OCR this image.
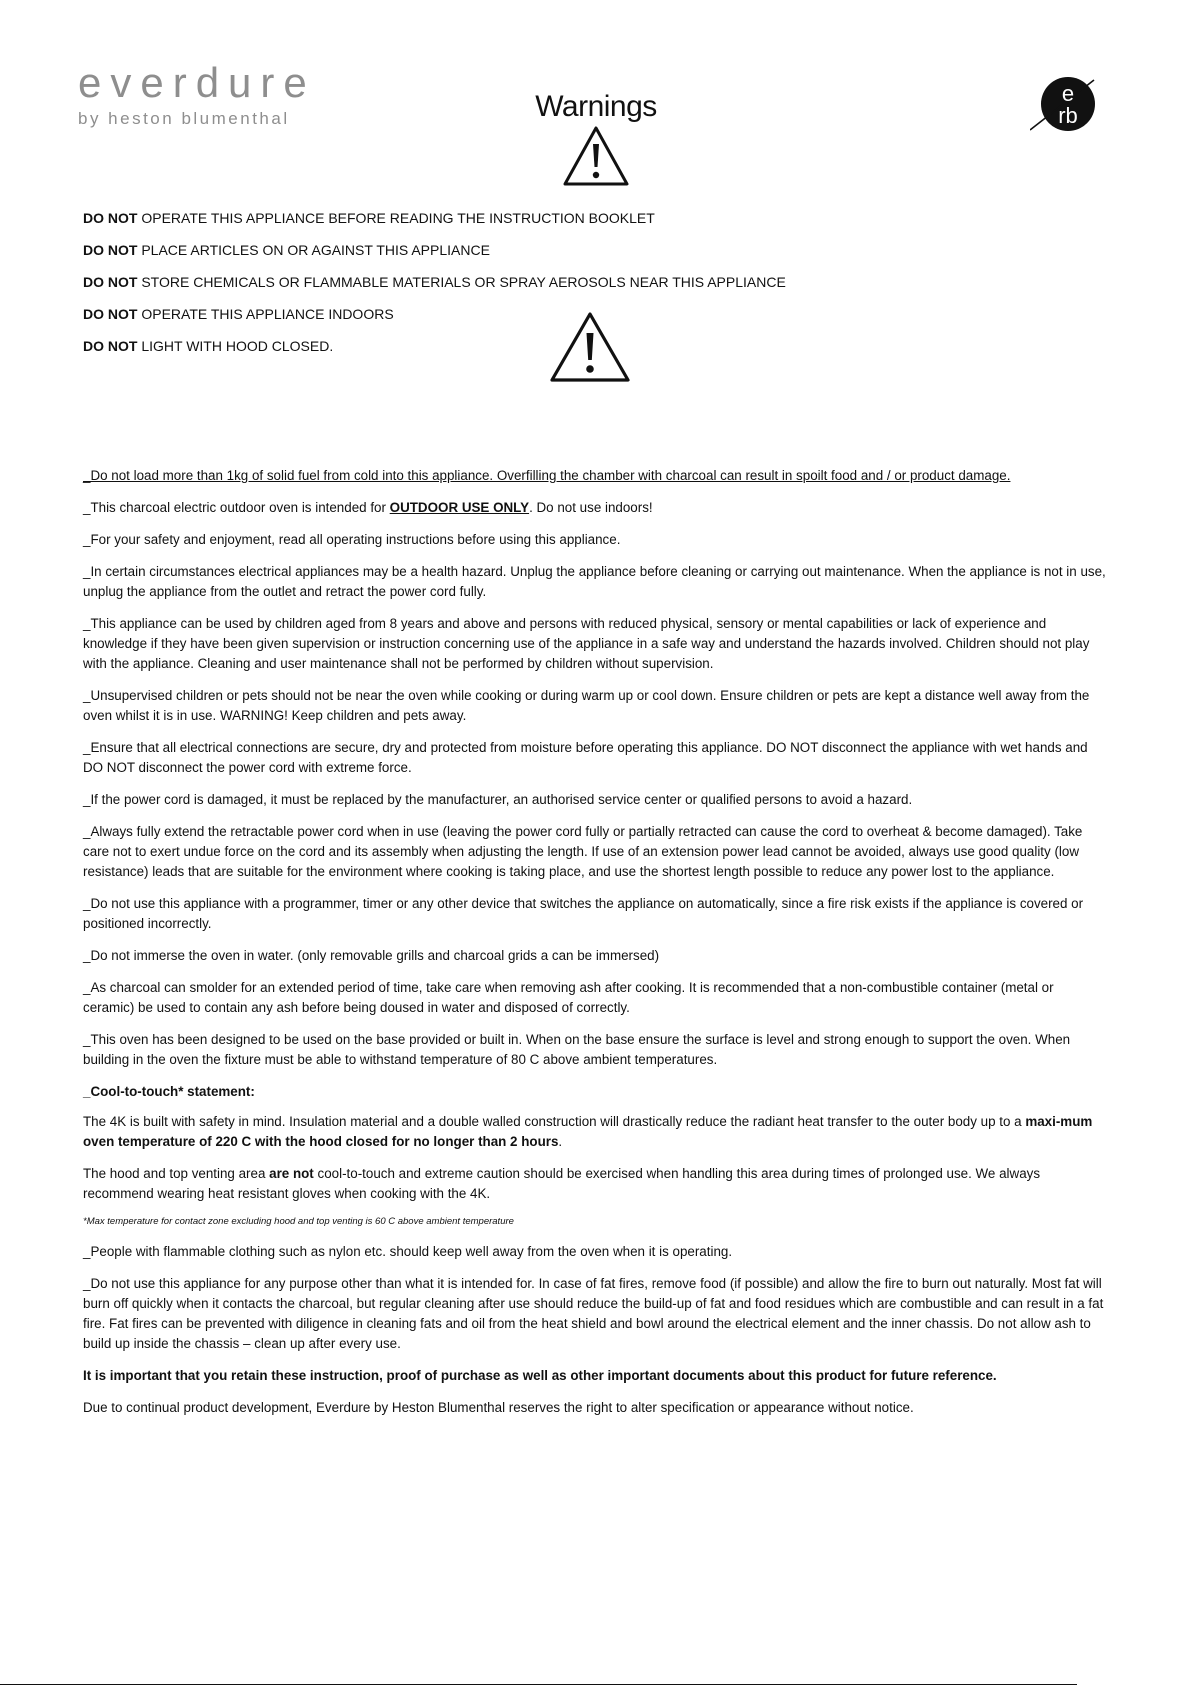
everdure
by heston blumenthal	Warnings	e
rb
DO NOT OPERATE THIS APPLIANCE BEFORE READING THE INSTRUCTION BOOKLET
DO NOT PLACE ARTICLES ON OR AGAINST THIS APPLIANCE
DO NOT STORE CHEMICALS OR FLAMMABLE MATERIALS OR SPRAY AEROSOLS NEAR THIS APPLIANCE
DO NOT OPERATE THIS APPLIANCE INDOORS
DO NOT LIGHT WITH HOOD CLOSED.

_Do not load more than 1kg of solid fuel from cold into this appliance. Overfilling the chamber with charcoal can result in spoilt food and / or product damage.

_This charcoal electric outdoor oven is intended for OUTDOOR USE ONLY. Do not use indoors!

_For your safety and enjoyment, read all operating instructions before using this appliance.

_In certain circumstances electrical appliances may be a health hazard. Unplug the appliance before cleaning or carrying out maintenance. When the appliance is not in use, unplug the appliance from the outlet and retract the power cord fully.

_This appliance can be used by children aged from 8 years and above and persons with reduced physical, sensory or mental capabilities or lack of experience and knowledge if they have been given supervision or instruction concerning use of the appliance in a safe way and understand the hazards involved. Children should not play with the appliance. Cleaning and user maintenance shall not be performed by children without supervision.

_Unsupervised children or pets should not be near the oven while cooking or during warm up or cool down. Ensure children or pets are kept a distance well away from the oven whilst it is in use. WARNING! Keep children and pets away.

_Ensure that all electrical connections are secure, dry and protected from moisture before operating this appliance. DO NOT disconnect the appliance with wet hands and DO NOT disconnect the power cord with extreme force.

_If the power cord is damaged, it must be replaced by the manufacturer, an authorised service center or qualified persons to avoid a hazard.

_Always fully extend the retractable power cord when in use (leaving the power cord fully or partially retracted can cause the cord to overheat & become damaged). Take care not to exert undue force on the cord and its assembly when adjusting the length. If use of an extension power lead cannot be avoided, always use good quality (low resistance) leads that are suitable for the environment where cooking is taking place, and use the shortest length possible to reduce any power lost to the appliance.

_Do not use this appliance with a programmer, timer or any other device that switches the appliance on automatically, since a fire risk exists if the appliance is covered or positioned incorrectly.

_Do not immerse the oven in water. (only removable grills and charcoal grids a can be immersed)

_As charcoal can smolder for an extended period of time, take care when removing ash after cooking. It is recommended that a non-combustible container (metal or ceramic) be used to contain any ash before being doused in water and disposed of correctly.

_This oven has been designed to be used on the base provided or built in. When on the base ensure the surface is level and strong enough to support the oven. When building in the oven the fixture must be able to withstand temperature of 80 C above ambient temperatures.

_Cool-to-touch* statement:

The 4K is built with safety in mind. Insulation material and a double walled construction will drastically reduce the radiant heat transfer to the outer body up to a maxi-mum oven temperature of 220 C with the hood closed for no longer than 2 hours.

The hood and top venting area are not cool-to-touch and extreme caution should be exercised when handling this area during times of prolonged use. We always recommend wearing heat resistant gloves when cooking with the 4K.

*Max temperature for contact zone excluding hood and top venting is 60 C above ambient temperature

_People with flammable clothing such as nylon etc. should keep well away from the oven when it is operating.

_Do not use this appliance for any purpose other than what it is intended for. In case of fat fires, remove food (if possible) and allow the fire to burn out naturally. Most fat will burn off quickly when it contacts the charcoal, but regular cleaning after use should reduce the build-up of fat and food residues which are combustible and can result in a fat fire. Fat fires can be prevented with diligence in cleaning fats and oil from the heat shield and bowl around the electrical element and the inner chassis. Do not allow ash to build up inside the chassis – clean up after every use.

It is important that you retain these instruction, proof of purchase as well as other important documents about this product for future reference.

Due to continual product development, Everdure by Heston Blumenthal reserves the right to alter specification or appearance without notice.
